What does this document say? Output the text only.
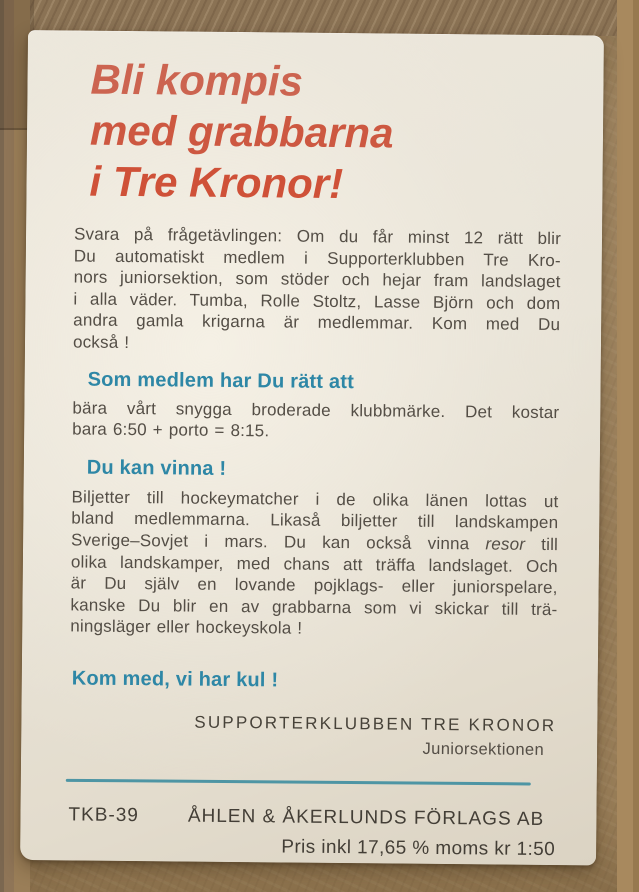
Bli kompis
med grabbarna
i Tre Kronor!
Svara på frågetävlingen: Om du får minst 12 rätt blir
Du automatiskt medlem i Supporterklubben Tre Kro-
nors juniorsektion, som stöder och hejar fram landslaget
i alla väder. Tumba, Rolle Stoltz, Lasse Björn och dom
andra gamla krigarna är medlemmar. Kom med Du
också !
Som medlem har Du rätt att
bära vårt snygga broderade klubbmärke. Det kostar
bara 6:50 + porto = 8:15.
Du kan vinna !
Biljetter till hockeymatcher i de olika länen lottas ut
bland medlemmarna. Likaså biljetter till landskampen
Sverige–Sovjet i mars. Du kan också vinna resor till
olika landskamper, med chans att träffa landslaget. Och
är Du själv en lovande pojklags- eller juniorspelare,
kanske Du blir en av grabbarna som vi skickar till trä-
ningsläger eller hockeyskola !
Kom med, vi har kul !
SUPPORTERKLUBBEN TRE KRONOR
Juniorsektionen
TKB-39	ÅHLEN & ÅKERLUNDS FÖRLAGS AB
Pris inkl 17,65 % moms kr 1:50
